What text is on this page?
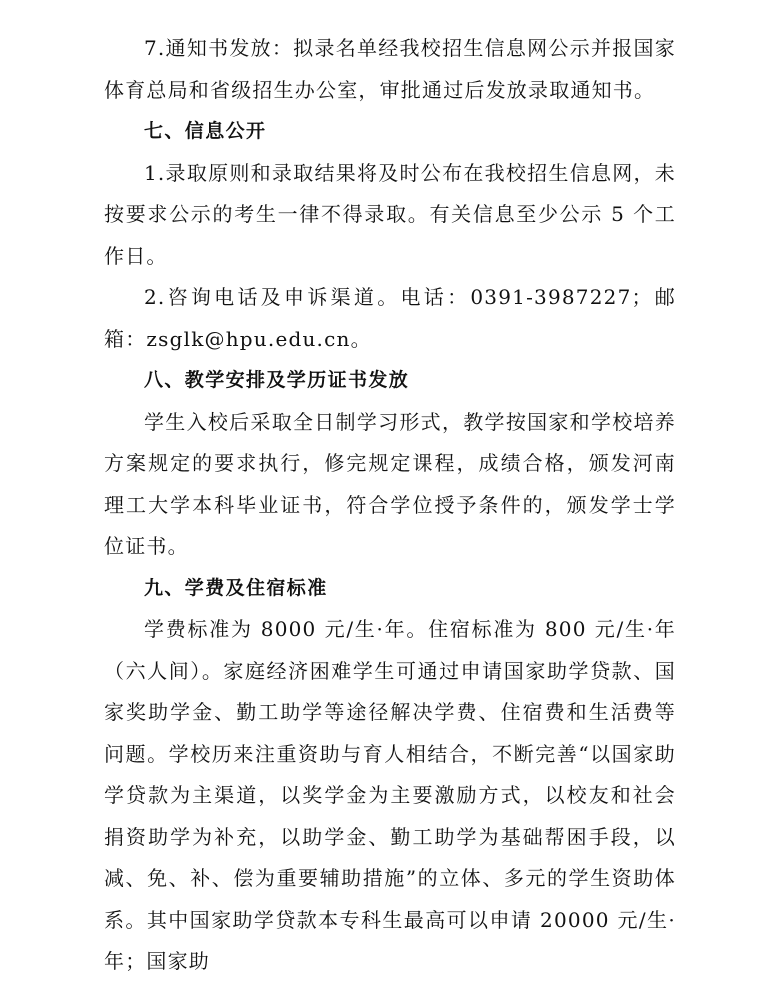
7.通知书发放：拟录名单经我校招生信息网公示并报国家体育总局和省级招生办公室，审批通过后发放录取通知书。

七、信息公开

1.录取原则和录取结果将及时公布在我校招生信息网，未按要求公示的考生一律不得录取。有关信息至少公示 5 个工作日。

2.咨询电话及申诉渠道。电话：0391-3987227；邮箱：zsglk@hpu.edu.cn。

八、教学安排及学历证书发放

学生入校后采取全日制学习形式，教学按国家和学校培养方案规定的要求执行，修完规定课程，成绩合格，颁发河南理工大学本科毕业证书，符合学位授予条件的，颁发学士学位证书。

九、学费及住宿标准

学费标准为 8000 元/生·年。住宿标准为 800 元/生·年（六人间）。家庭经济困难学生可通过申请国家助学贷款、国家奖助学金、勤工助学等途径解决学费、住宿费和生活费等问题。学校历来注重资助与育人相结合，不断完善“以国家助学贷款为主渠道，以奖学金为主要激励方式，以校友和社会捐资助学为补充，以助学金、勤工助学为基础帮困手段，以减、免、补、偿为重要辅助措施”的立体、多元的学生资助体系。其中国家助学贷款本专科生最高可以申请 20000 元/生·年；国家助
